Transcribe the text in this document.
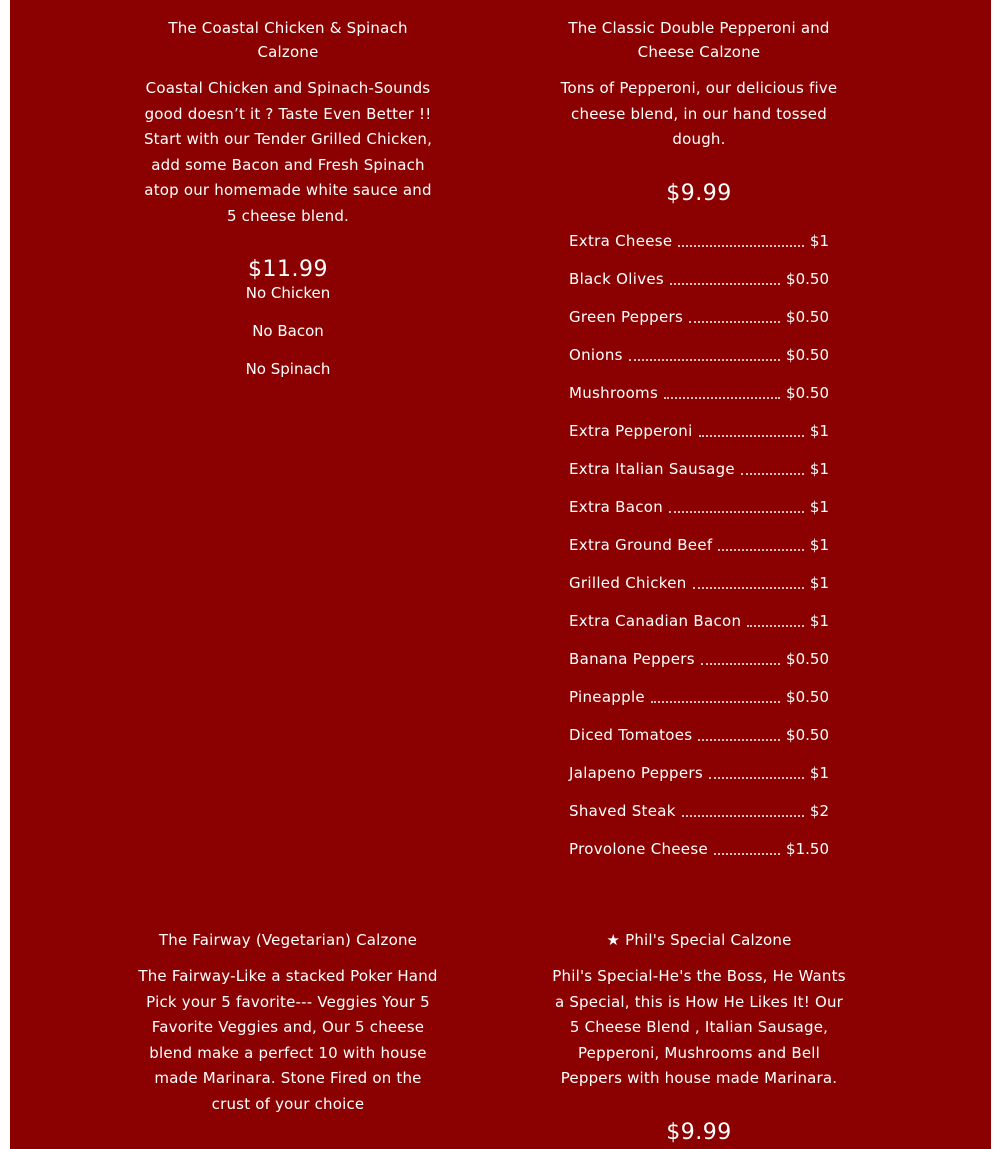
The Coastal Chicken & Spinach Calzone

Coastal Chicken and Spinach-Sounds good doesn’t it ? Taste Even Better !! Start with our Tender Grilled Chicken, add some Bacon and Fresh Spinach atop our homemade white sauce and 5 cheese blend.

$11.99
No Chicken
No Bacon
No Spinach
The Classic Double Pepperoni and Cheese Calzone

Tons of Pepperoni, our delicious five cheese blend, in our hand tossed dough.

$9.99
Extra Cheese	$1
Black Olives	$0.50
Green Peppers	$0.50
Onions	$0.50
Mushrooms	$0.50
Extra Pepperoni	$1
Extra Italian Sausage	$1
Extra Bacon	$1
Extra Ground Beef	$1
Grilled Chicken	$1
Extra Canadian Bacon	$1
Banana Peppers	$0.50
Pineapple	$0.50
Diced Tomatoes	$0.50
Jalapeno Peppers	$1
Shaved Steak	$2
Provolone Cheese	$1.50
The Fairway (Vegetarian) Calzone

The Fairway-Like a stacked Poker Hand Pick your 5 favorite--- Veggies Your 5 Favorite Veggies and, Our 5 cheese blend make a perfect 10 with house made Marinara. Stone Fired on the crust of your choice

★ Phil's Special Calzone

Phil's Special-He's the Boss, He Wants a Special, this is How He Likes It! Our 5 Cheese Blend , Italian Sausage, Pepperoni, Mushrooms and Bell Peppers with house made Marinara.

$9.99
